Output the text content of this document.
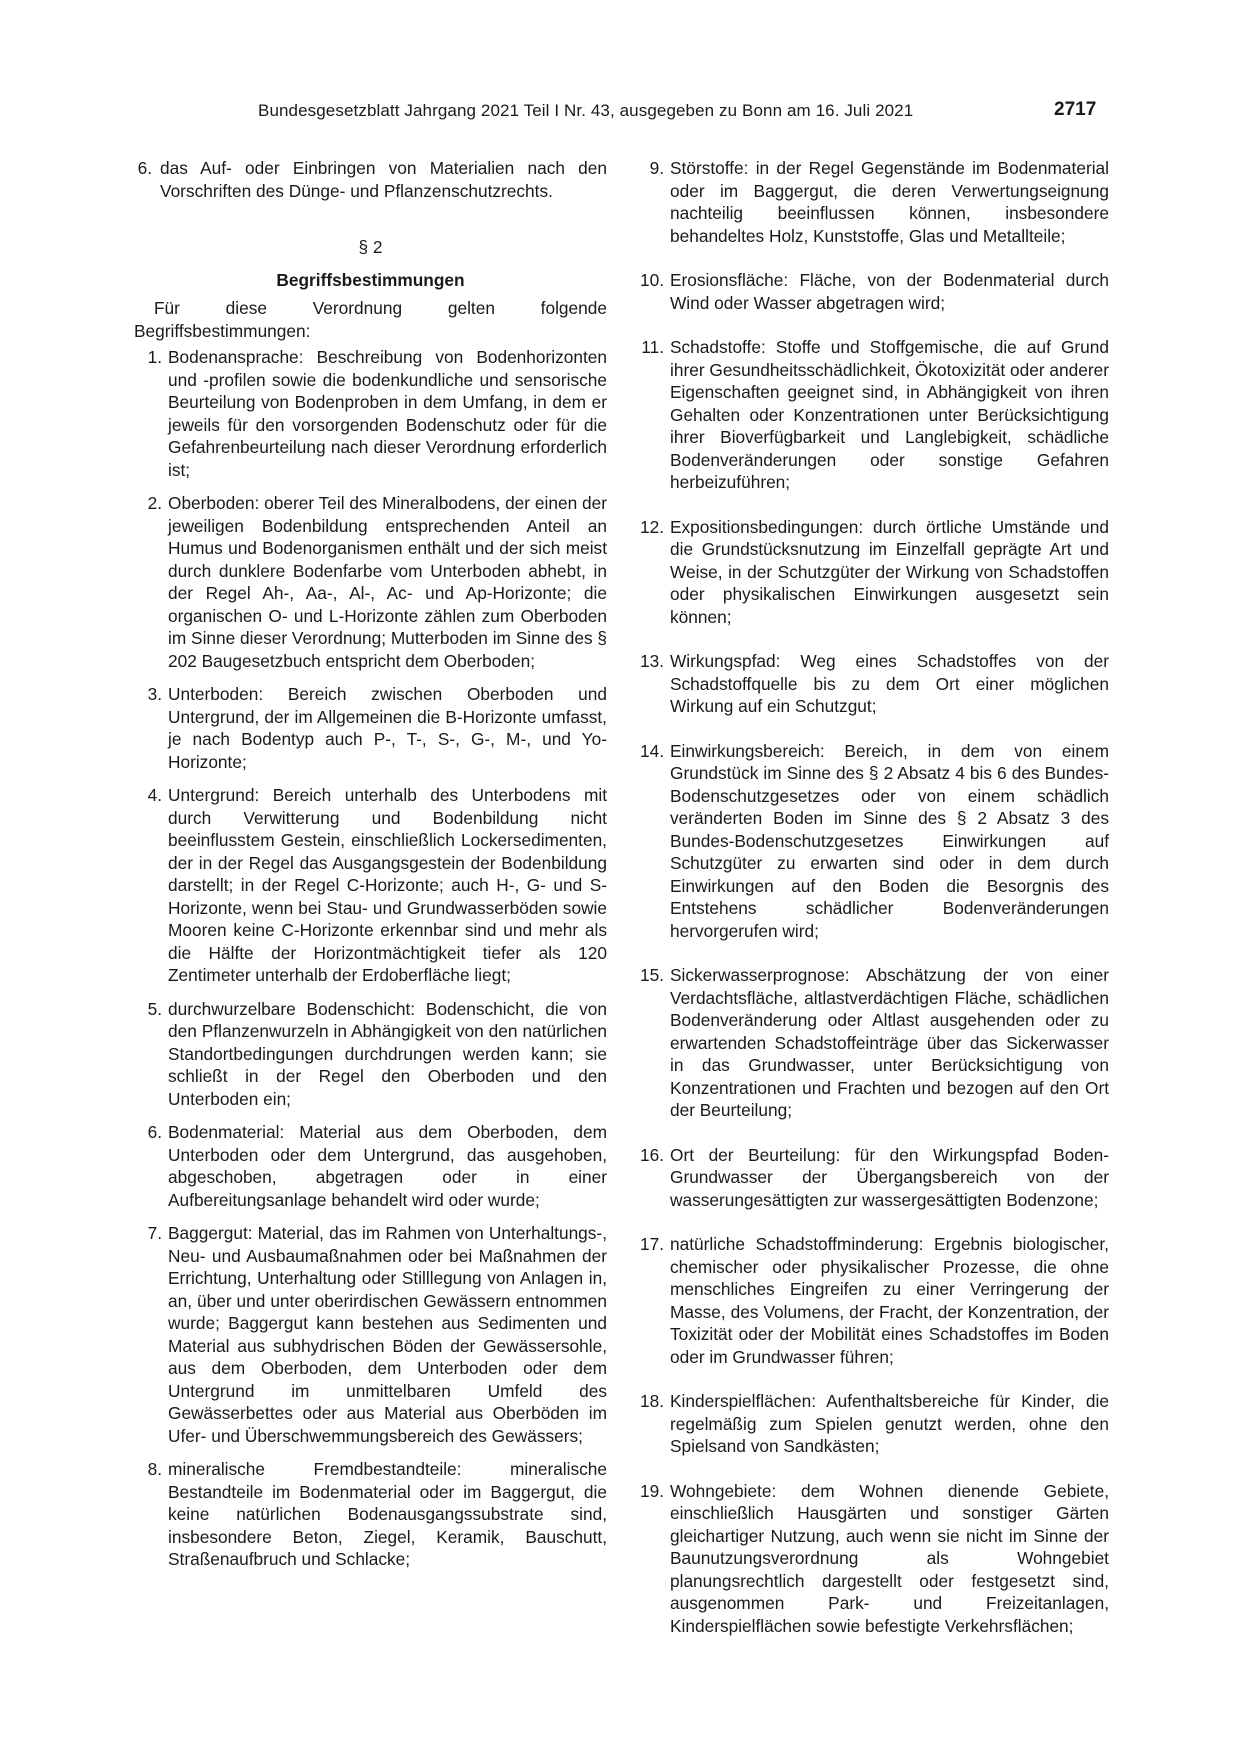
Bundesgesetzblatt Jahrgang 2021 Teil I Nr. 43, ausgegeben zu Bonn am 16. Juli 2021	2717
6. das Auf- oder Einbringen von Materialien nach den Vorschriften des Dünge- und Pflanzenschutzrechts.
§ 2
Begriffsbestimmungen
Für diese Verordnung gelten folgende Begriffsbestimmungen:
1. Bodenansprache: Beschreibung von Bodenhorizonten und -profilen sowie die bodenkundliche und sensorische Beurteilung von Bodenproben in dem Umfang, in dem er jeweils für den vorsorgenden Bodenschutz oder für die Gefahrenbeurteilung nach dieser Verordnung erforderlich ist;
2. Oberboden: oberer Teil des Mineralbodens, der einen der jeweiligen Bodenbildung entsprechenden Anteil an Humus und Bodenorganismen enthält und der sich meist durch dunklere Bodenfarbe vom Unterboden abhebt, in der Regel Ah-, Aa-, Al-, Ac- und Ap-Horizonte; die organischen O- und L-Horizonte zählen zum Oberboden im Sinne dieser Verordnung; Mutterboden im Sinne des § 202 Baugesetzbuch entspricht dem Oberboden;
3. Unterboden: Bereich zwischen Oberboden und Untergrund, der im Allgemeinen die B-Horizonte umfasst, je nach Bodentyp auch P-, T-, S-, G-, M-, und Yo-Horizonte;
4. Untergrund: Bereich unterhalb des Unterbodens mit durch Verwitterung und Bodenbildung nicht beeinflusstem Gestein, einschließlich Lockersedimenten, der in der Regel das Ausgangsgestein der Bodenbildung darstellt; in der Regel C-Horizonte; auch H-, G- und S-Horizonte, wenn bei Stau- und Grundwasserböden sowie Mooren keine C-Horizonte erkennbar sind und mehr als die Hälfte der Horizontmächtigkeit tiefer als 120 Zentimeter unterhalb der Erdoberfläche liegt;
5. durchwurzelbare Bodenschicht: Bodenschicht, die von den Pflanzenwurzeln in Abhängigkeit von den natürlichen Standortbedingungen durchdrungen werden kann; sie schließt in der Regel den Oberboden und den Unterboden ein;
6. Bodenmaterial: Material aus dem Oberboden, dem Unterboden oder dem Untergrund, das ausgehoben, abgeschoben, abgetragen oder in einer Aufbereitungsanlage behandelt wird oder wurde;
7. Baggergut: Material, das im Rahmen von Unterhaltungs-, Neu- und Ausbaumaßnahmen oder bei Maßnahmen der Errichtung, Unterhaltung oder Stilllegung von Anlagen in, an, über und unter oberirdischen Gewässern entnommen wurde; Baggergut kann bestehen aus Sedimenten und Material aus subhydrischen Böden der Gewässersohle, aus dem Oberboden, dem Unterboden oder dem Untergrund im unmittelbaren Umfeld des Gewässerbettes oder aus Material aus Oberböden im Ufer- und Überschwemmungsbereich des Gewässers;
8. mineralische Fremdbestandteile: mineralische Bestandteile im Bodenmaterial oder im Baggergut, die keine natürlichen Bodenausgangssubstrate sind, insbesondere Beton, Ziegel, Keramik, Bauschutt, Straßenaufbruch und Schlacke;
9. Störstoffe: in der Regel Gegenstände im Bodenmaterial oder im Baggergut, die deren Verwertungseignung nachteilig beeinflussen können, insbesondere behandeltes Holz, Kunststoffe, Glas und Metallteile;
10. Erosionsfläche: Fläche, von der Bodenmaterial durch Wind oder Wasser abgetragen wird;
11. Schadstoffe: Stoffe und Stoffgemische, die auf Grund ihrer Gesundheitsschädlichkeit, Ökotoxizität oder anderer Eigenschaften geeignet sind, in Abhängigkeit von ihren Gehalten oder Konzentrationen unter Berücksichtigung ihrer Bioverfügbarkeit und Langlebigkeit, schädliche Bodenveränderungen oder sonstige Gefahren herbeizuführen;
12. Expositionsbedingungen: durch örtliche Umstände und die Grundstücksnutzung im Einzelfall geprägte Art und Weise, in der Schutzgüter der Wirkung von Schadstoffen oder physikalischen Einwirkungen ausgesetzt sein können;
13. Wirkungspfad: Weg eines Schadstoffes von der Schadstoffquelle bis zu dem Ort einer möglichen Wirkung auf ein Schutzgut;
14. Einwirkungsbereich: Bereich, in dem von einem Grundstück im Sinne des § 2 Absatz 4 bis 6 des Bundes-Bodenschutzgesetzes oder von einem schädlich veränderten Boden im Sinne des § 2 Absatz 3 des Bundes-Bodenschutzgesetzes Einwirkungen auf Schutzgüter zu erwarten sind oder in dem durch Einwirkungen auf den Boden die Besorgnis des Entstehens schädlicher Bodenveränderungen hervorgerufen wird;
15. Sickerwasserprognose: Abschätzung der von einer Verdachtsfläche, altlastverdächtigen Fläche, schädlichen Bodenveränderung oder Altlast ausgehenden oder zu erwartenden Schadstoffeinträge über das Sickerwasser in das Grundwasser, unter Berücksichtigung von Konzentrationen und Frachten und bezogen auf den Ort der Beurteilung;
16. Ort der Beurteilung: für den Wirkungspfad Boden-Grundwasser der Übergangsbereich von der wasserungesättigten zur wassergesättigten Bodenzone;
17. natürliche Schadstoffminderung: Ergebnis biologischer, chemischer oder physikalischer Prozesse, die ohne menschliches Eingreifen zu einer Verringerung der Masse, des Volumens, der Fracht, der Konzentration, der Toxizität oder der Mobilität eines Schadstoffes im Boden oder im Grundwasser führen;
18. Kinderspielflächen: Aufenthaltsbereiche für Kinder, die regelmäßig zum Spielen genutzt werden, ohne den Spielsand von Sandkästen;
19. Wohngebiete: dem Wohnen dienende Gebiete, einschließlich Hausgärten und sonstiger Gärten gleichartiger Nutzung, auch wenn sie nicht im Sinne der Baunutzungsverordnung als Wohngebiet planungsrechtlich dargestellt oder festgesetzt sind, ausgenommen Park- und Freizeitanlagen, Kinderspielflächen sowie befestigte Verkehrsflächen;
